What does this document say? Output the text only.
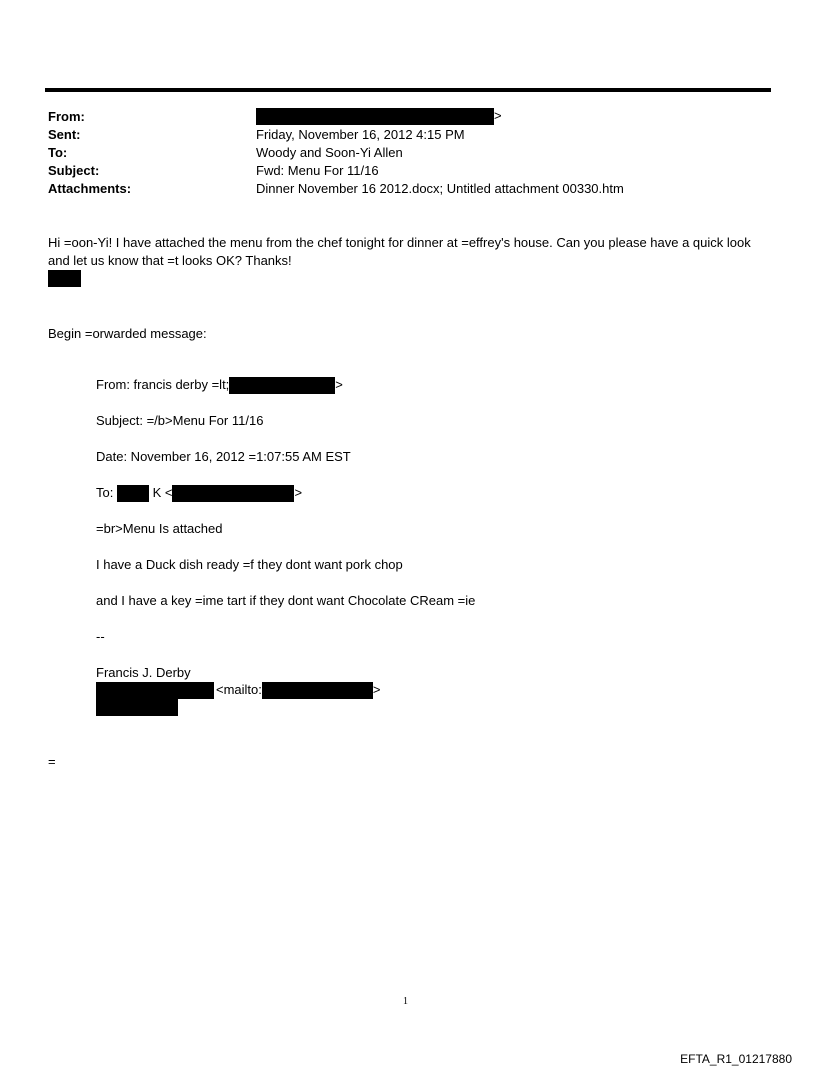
From:	>
Sent:	Friday, November 16, 2012 4:15 PM
To:	Woody and Soon-Yi Allen
Subject:	Fwd: Menu For 11/16
Attachments:	Dinner November 16 2012.docx; Untitled attachment 00330.htm
Hi =oon-Yi! I have attached the menu from the chef tonight for dinner at =effrey's house. Can you please have a quick look and let us know that =t looks OK? Thanks!
Begin =orwarded message:
From: francis derby =lt;	>
Subject: =/b>Menu For 11/16
Date: November 16, 2012 =1:07:55 AM EST
To:	K <	>
=br>Menu Is attached
I have a Duck dish ready =f they dont want pork chop
and I have a key =ime tart if they dont want Chocolate CReam =ie
--
Francis J. Derby
<mailto:	>
=
1
EFTA_R1_01217880
